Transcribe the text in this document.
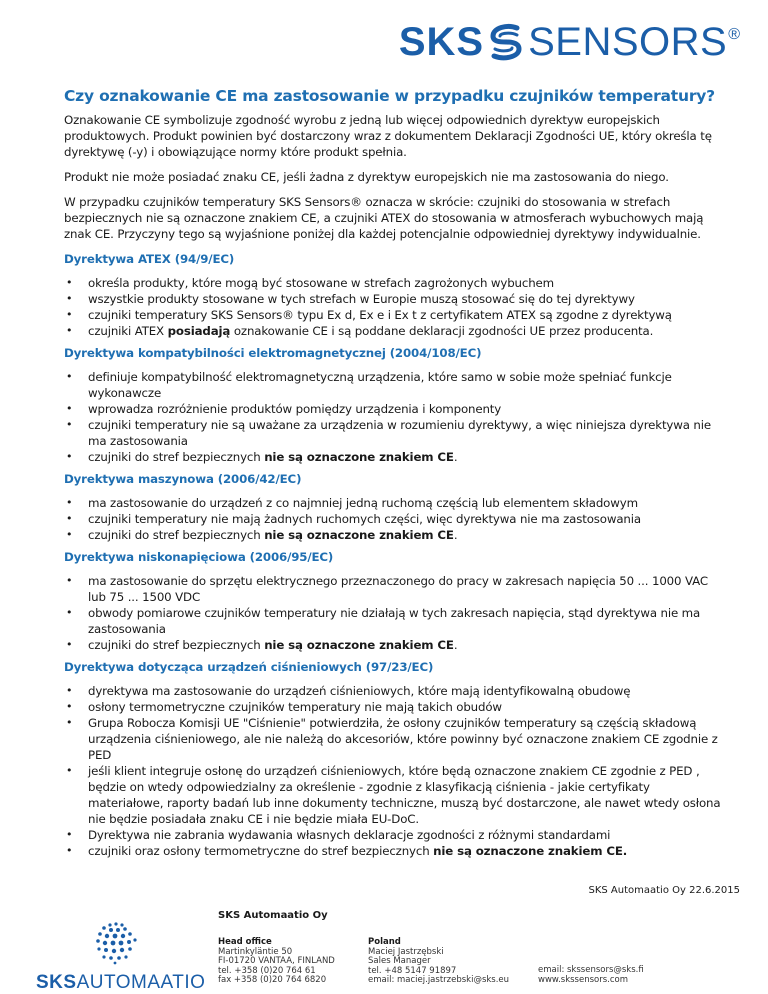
SKS SENSORS ®
Czy oznakowanie CE ma zastosowanie w przypadku czujników temperatury?

Oznakowanie CE symbolizuje zgodność wyrobu z jedną lub więcej odpowiednich dyrektyw europejskich produktowych. Produkt powinien być dostarczony wraz z dokumentem Deklaracji Zgodności UE, który określa tę dyrektywę (-y) i obowiązujące normy które produkt spełnia.

Produkt nie może posiadać znaku CE, jeśli żadna z dyrektyw europejskich nie ma zastosowania do niego.

W przypadku czujników temperatury SKS Sensors® oznacza w skrócie: czujniki do stosowania w strefach bezpiecznych nie są oznaczone znakiem CE, a czujniki ATEX do stosowania w atmosferach wybuchowych mają znak CE. Przyczyny tego są wyjaśnione poniżej dla każdej potencjalnie odpowiedniej dyrektywy indywidualnie.

Dyrektywa ATEX (94/9/EC)
• określa produkty, które mogą być stosowane w strefach zagrożonych wybuchem
• wszystkie produkty stosowane w tych strefach w Europie muszą stosować się do tej dyrektywy
• czujniki temperatury SKS Sensors® typu Ex d, Ex e i Ex t z certyfikatem ATEX są zgodne z dyrektywą
• czujniki ATEX posiadają oznakowanie CE i są poddane deklaracji zgodności UE przez producenta.
Dyrektywa kompatybilności elektromagnetycznej (2004/108/EC)
• definiuje kompatybilność elektromagnetyczną urządzenia, które samo w sobie może spełniać funkcje wykonawcze
• wprowadza rozróżnienie produktów pomiędzy urządzenia i komponenty
• czujniki temperatury nie są uważane za urządzenia w rozumieniu dyrektywy, a więc niniejsza dyrektywa nie ma zastosowania
• czujniki do stref bezpiecznych nie są oznaczone znakiem CE.
Dyrektywa maszynowa (2006/42/EC)
• ma zastosowanie do urządzeń z co najmniej jedną ruchomą częścią lub elementem składowym
• czujniki temperatury nie mają żadnych ruchomych części, więc dyrektywa nie ma zastosowania
• czujniki do stref bezpiecznych nie są oznaczone znakiem CE.
Dyrektywa niskonapięciowa (2006/95/EC)
• ma zastosowanie do sprzętu elektrycznego przeznaczonego do pracy w zakresach napięcia 50 ... 1000 VAC lub 75 ... 1500 VDC
• obwody pomiarowe czujników temperatury nie działają w tych zakresach napięcia, stąd dyrektywa nie ma zastosowania
• czujniki do stref bezpiecznych nie są oznaczone znakiem CE.
Dyrektywa dotycząca urządzeń ciśnieniowych (97/23/EC)
• dyrektywa ma zastosowanie do urządzeń ciśnieniowych, które mają identyfikowalną obudowę
• osłony termometryczne czujników temperatury nie mają takich obudów
• Grupa Robocza Komisji UE "Ciśnienie" potwierdziła, że osłony czujników temperatury są częścią składową urządzenia ciśnieniowego, ale nie należą do akcesoriów, które powinny być oznaczone znakiem CE zgodnie z PED
• jeśli klient integruje osłonę do urządzeń ciśnieniowych, które będą oznaczone znakiem CE zgodnie z PED , będzie on wtedy odpowiedzialny za określenie - zgodnie z klasyfikacją ciśnienia - jakie certyfikaty materiałowe, raporty badań lub inne dokumenty techniczne, muszą być dostarczone, ale nawet wtedy osłona nie będzie posiadała znaku CE i nie będzie miała EU-DoC.
• Dyrektywa nie zabrania wydawania własnych deklaracje zgodności z różnymi standardami
• czujniki oraz osłony termometryczne do stref bezpiecznych nie są oznaczone znakiem CE.
SKS Automaatio Oy 22.6.2015
SKSAUTOMAATIO
SKS Automaatio Oy
Head office
Martinkyläntie 50
FI-01720 VANTAA, FINLAND
tel. +358 (0)20 764 61
fax +358 (0)20 764 6820
Poland
Maciej Jastrzębski
Sales Manager
tel. +48 5147 91897
email: maciej.jastrzebski@sks.eu
email: skssensors@sks.fi
www.skssensors.com
